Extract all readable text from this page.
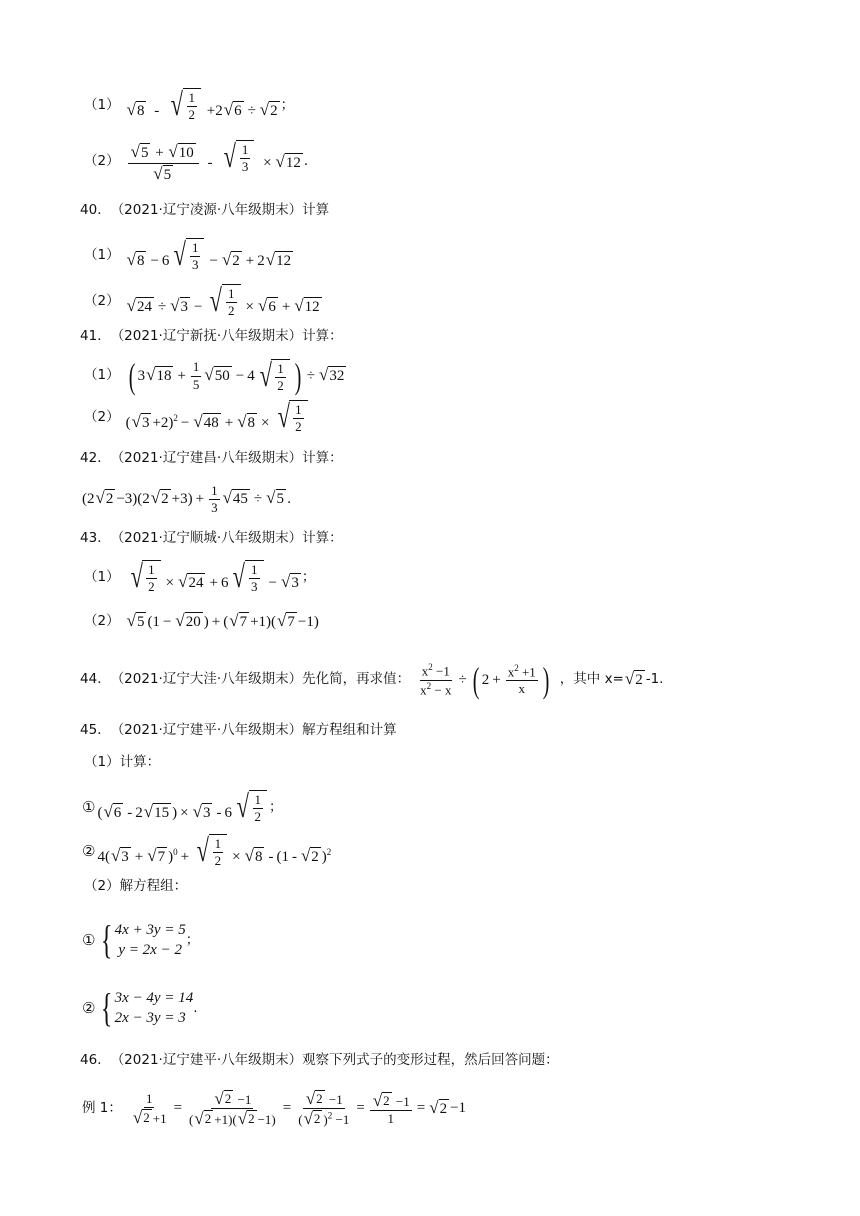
（1） √ 8 - √ $\frac{1}{2} +2$ √ 6 ÷ √ 2 ；
$(2) \frac{√ 5 + √ 10}{√ 5}$ - √ $\frac{1}{3}$ × √ 12 ．
40 ． （2021·辽宁凌源·八年级期末） 计算
（1） √ 8 − 6 √ $\frac{1}{3}$ − √ 2 + 2 √ 12
（2） √ 24 ÷ √ 3 − √ $\frac{1}{2}$ × √ 6 + √ 12
41 ． （2021·辽宁新抚·八年级期末） 计算：
（1） ( 3 √ $18 + \frac{1}{5}$ √ 50 − 4 √ $\frac{1}{2}$ ) ÷ √ 32
（2） ( √ 3 +2)$^2$ − √ 48 + √ 8 × √ $\frac{1}{2}$
42 ． （2021·辽宁建昌·八年级期末） 计算：
(2 √ 2 −3)(2 √ $2 +3) + \frac{1}{3}$ √ 45 ÷ √ 5 ．
43 ． （2021·辽宁顺城·八年级期末） 计算：
（1） √ $\frac{1}{2}$ × √ 24 + 6 √ $\frac{1}{3}$ − √ 3 ；
（2） √ 5 (1 − √ 20 ) + ( √ 7 +1)( √ 7 −1)
44 ． （2021·辽宁大洼·八年级期末） 先化简，再求值： $\frac{x^2 -1}{x^2 - x}$ ÷ ( $2 + \frac{x^2 +1}{x}$ ) ，其中 x= √ 2 -1.
45 ． （2021·辽宁建平·八年级期末） 解方程组和计算
（1）计算：
① ( √ 6 - 2 √ 15 ) × √ 3 - 6 √ $\frac{1}{2}$ ；
② 4( √ 3 + √ 7 )$^0$ + √ $\frac{1}{2}$ × √ 8 - (1 - √ 2 )$^2$
（2）解方程组：
① { 4x + 3y = 5
y = 2x − 2
；
② { 3x − 4y = 14
2x − 3y = 3
.
46 ． （2021·辽宁建平·八年级期末） 观察下列式子的变形过程，然后回答问题：
例 1： $\frac{1}{√ 2 +1} = \frac{√ 2 -1}{( √ 2 +1)( √ 2 -1)} = \frac{√ 2 -1}{( √ 2 )^2 -1} = \frac{√ 2 -1}{1}$ = √ 2 −1
